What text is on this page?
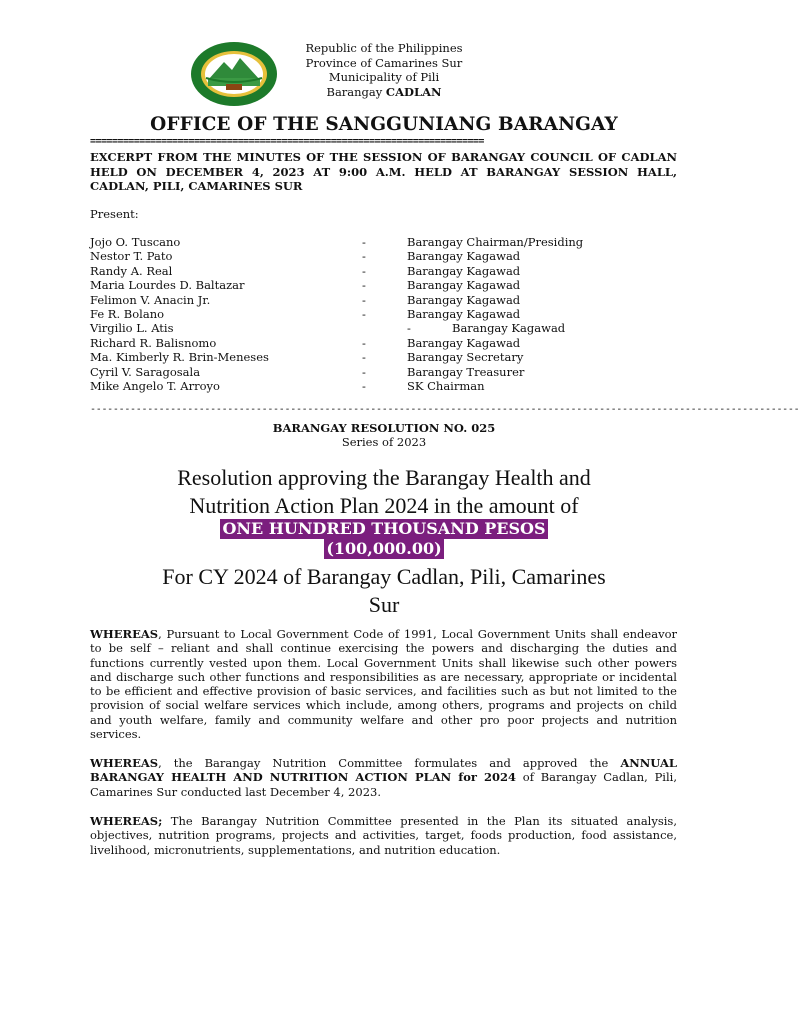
Republic of the Philippines
Province of Camarines Sur
Municipality of Pili
Barangay CADLAN
OFFICE OF THE SANGGUNIANG BARANGAY
========================================================================
EXCERPT FROM THE MINUTES OF THE SESSION OF BARANGAY COUNCIL OF CADLAN HELD ON DECEMBER 4, 2023 AT 9:00 A.M. HELD AT BARANGAY SESSION HALL, CADLAN, PILI, CAMARINES SUR
Present:
Jojo O. Tuscano	-	Barangay Chairman/Presiding
Nestor T. Pato	-	Barangay Kagawad
Randy A. Real	-	Barangay Kagawad
Maria Lourdes D. Baltazar	-	Barangay Kagawad
Felimon V. Anacin Jr.	-	Barangay Kagawad
Fe R. Bolano	-	Barangay Kagawad
Virgilio L. Atis	-	Barangay Kagawad
Richard R. Balisnomo	-	Barangay Kagawad
Ma. Kimberly R. Brin-Meneses	-	Barangay Secretary
Cyril V. Saragosala	-	Barangay Treasurer
Mike Angelo T. Arroyo	-	SK Chairman
----------------------------------------------------------------------------------------------------------------------------
BARANGAY RESOLUTION NO. 025
Series of 2023
Resolution approving the Barangay Health and
Nutrition Action Plan 2024 in the amount of
ONE HUNDRED THOUSAND PESOS
(100,000.00)
For CY 2024 of Barangay Cadlan, Pili, Camarines
Sur
WHEREAS, Pursuant to Local Government Code of 1991, Local Government Units shall endeavor to be self – reliant and shall continue exercising the powers and discharging the duties and functions currently vested upon them. Local Government Units shall likewise such other powers and discharge such other functions and responsibilities as are necessary, appropriate or incidental to be efficient and effective provision of basic services, and facilities such as but not limited to the provision of social welfare services which include, among others, programs and projects on child and youth welfare, family and community welfare and other pro poor projects and nutrition services.
WHEREAS, the Barangay Nutrition Committee formulates and approved the ANNUAL BARANGAY HEALTH AND NUTRITION ACTION PLAN for 2024 of Barangay Cadlan, Pili, Camarines Sur conducted last December 4, 2023.
WHEREAS; The Barangay Nutrition Committee presented in the Plan its situated analysis, objectives, nutrition programs, projects and activities, target, foods production, food assistance, livelihood, micronutrients, supplementations, and nutrition education.
